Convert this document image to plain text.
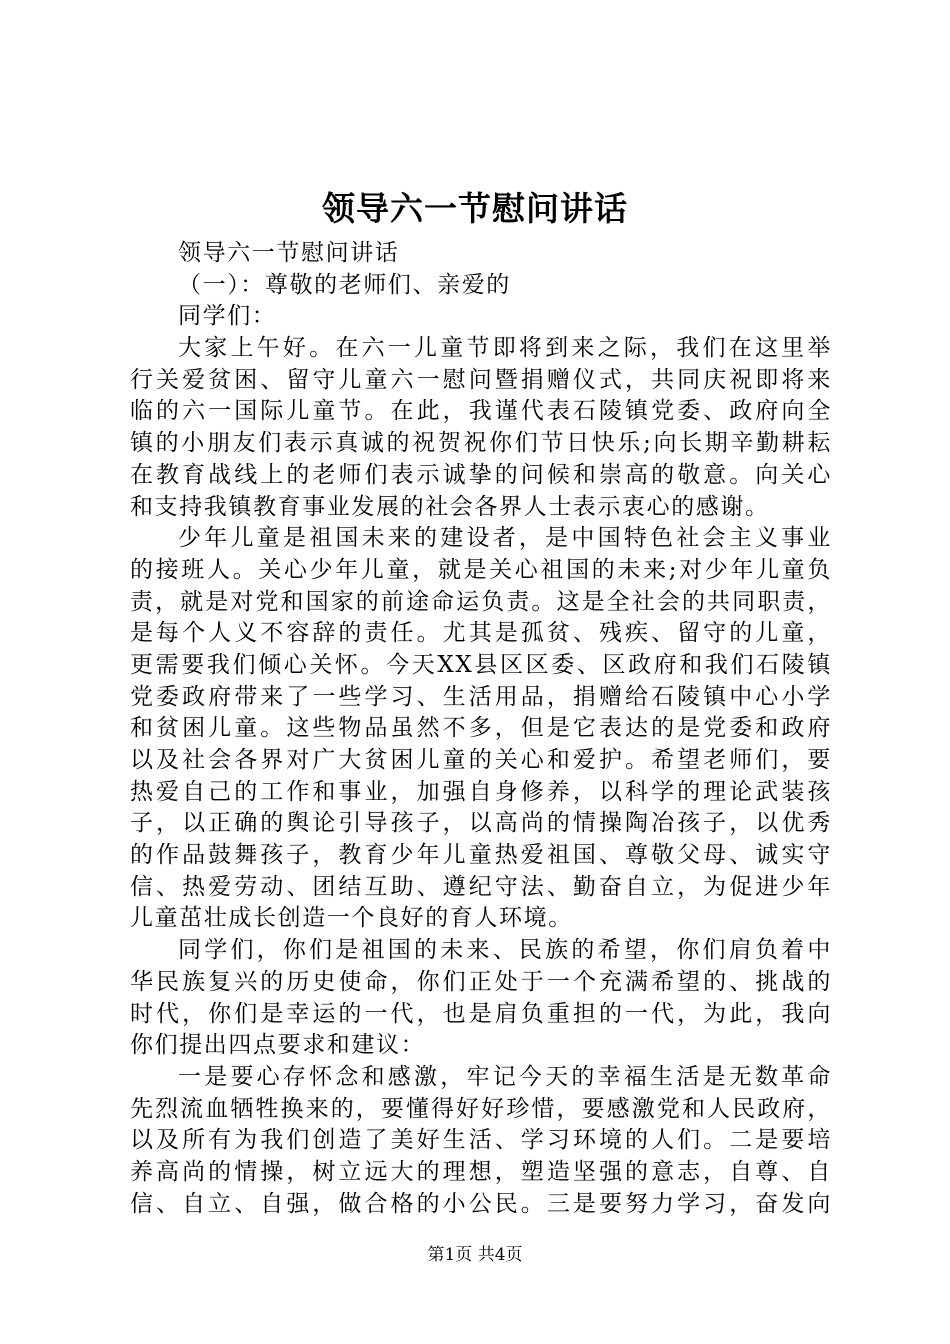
领导六一节慰问讲话
领导六一节慰问讲话
（一）：尊敬的老师们、亲爱的
同学们：
大家上午好。在六一儿童节即将到来之际，我们在这里举
行关爱贫困、留守儿童六一慰问暨捐赠仪式，共同庆祝即将来
临的六一国际儿童节。在此，我谨代表石陵镇党委、政府向全
镇的小朋友们表示真诚的祝贺祝你们节日快乐;向长期辛勤耕耘
在教育战线上的老师们表示诚挚的问候和崇高的敬意。向关心
和支持我镇教育事业发展的社会各界人士表示衷心的感谢。
少年儿童是祖国未来的建设者，是中国特色社会主义事业
的接班人。关心少年儿童，就是关心祖国的未来;对少年儿童负
责，就是对党和国家的前途命运负责。这是全社会的共同职责，
是每个人义不容辞的责任。尤其是孤贫、残疾、留守的儿童，
更需要我们倾心关怀。今天XX县区区委、区政府和我们石陵镇
党委政府带来了一些学习、生活用品，捐赠给石陵镇中心小学
和贫困儿童。这些物品虽然不多，但是它表达的是党委和政府
以及社会各界对广大贫困儿童的关心和爱护。希望老师们，要
热爱自己的工作和事业，加强自身修养，以科学的理论武装孩
子，以正确的舆论引导孩子，以高尚的情操陶冶孩子，以优秀
的作品鼓舞孩子，教育少年儿童热爱祖国、尊敬父母、诚实守
信、热爱劳动、团结互助、遵纪守法、勤奋自立，为促进少年
儿童茁壮成长创造一个良好的育人环境。
同学们，你们是祖国的未来、民族的希望，你们肩负着中
华民族复兴的历史使命，你们正处于一个充满希望的、挑战的
时代，你们是幸运的一代，也是肩负重担的一代，为此，我向
你们提出四点要求和建议：
一是要心存怀念和感激，牢记今天的幸福生活是无数革命
先烈流血牺牲换来的，要懂得好好珍惜，要感激党和人民政府，
以及所有为我们创造了美好生活、学习环境的人们。二是要培
养高尚的情操，树立远大的理想，塑造坚强的意志，自尊、自
信、自立、自强，做合格的小公民。三是要努力学习，奋发向
第1页 共4页
